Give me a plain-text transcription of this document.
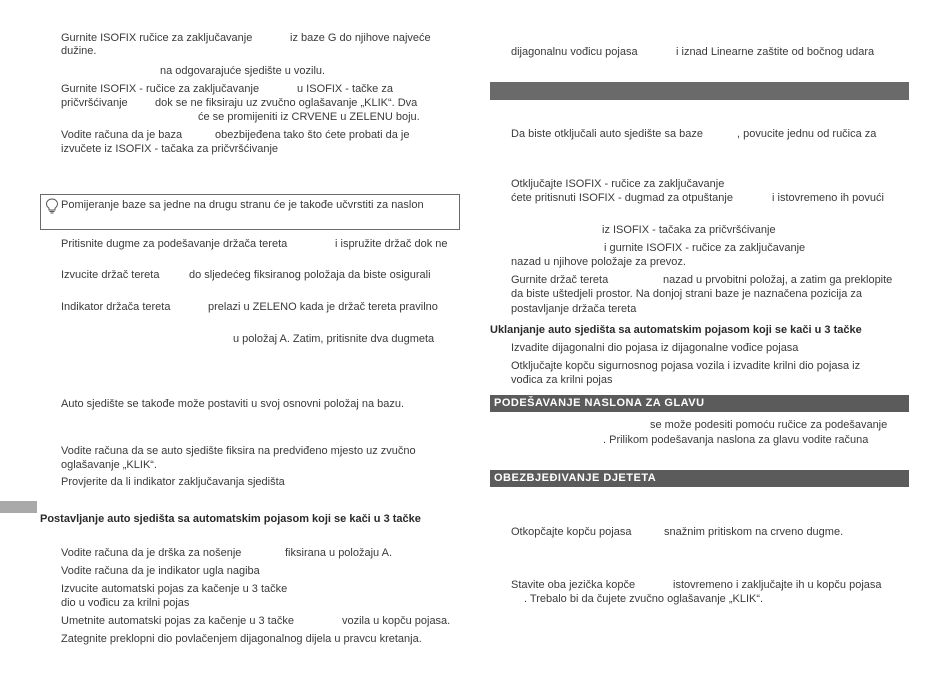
Gurnite ISOFIX ručice za zaključavanje	iz baze G do njihove najveće
dužine.
na odgovarajuće sjedište u vozilu.
Gurnite ISOFIX - ručice za zaključavanje	u ISOFIX - tačke za
pričvršćivanje dok se ne fiksiraju uz zvučno oglašavanje „KLIK“. Dva
će se promijeniti iz CRVENE u ZELENU boju.
Vodite računa da je baza	obezbijeđena tako što ćete probati da je
izvučete iz ISOFIX - tačaka za pričvršćivanje
Pomijeranje baze sa jedne na drugu stranu će je takođe učvrstiti za naslon
Pritisnite dugme za podešavanje držača tereta	i ispružite držač dok ne
Izvucite držač tereta	do sljedećeg fiksiranog položaja da biste osigurali
Indikator držača tereta	prelazi u ZELENO kada je držač tereta pravilno
u položaj A. Zatim, pritisnite dva dugmeta
Auto sjedište se takođe može postaviti u svoj osnovni položaj na bazu.
Vodite računa da se auto sjedište fiksira na predviđeno mjesto uz zvučno
oglašavanje „KLIK“.
Provjerite da li indikator zaključavanja sjedišta
Postavljanje auto sjedišta sa automatskim pojasom koji se kači u 3 tačke
Vodite računa da je drška za nošenje	fiksirana u položaju A.
Vodite računa da je indikator ugla nagiba
Izvucite automatski pojas za kačenje u 3 tačke
dio u vođicu za krilni pojas
Umetnite automatski pojas za kačenje u 3 tačke	vozila u kopču pojasa.
Zategnite preklopni dio povlačenjem dijagonalnog dijela u pravcu kretanja.
dijagonalnu vođicu pojasa	i iznad Linearne zaštite od bočnog udara
Da biste otključali auto sjedište sa baze	, povucite jednu od ručica za
Otključajte ISOFIX - ručice za zaključavanje
ćete pritisnuti ISOFIX - dugmad za otpuštanje	i istovremeno ih povući
iz ISOFIX - tačaka za pričvršćivanje
i gurnite ISOFIX - ručice za zaključavanje
nazad u njihove položaje za prevoz.
Gurnite držač tereta	nazad u prvobitni položaj, a zatim ga preklopite
da biste uštedjeli prostor. Na donjoj strani baze je naznačena pozicija za
postavljanje držača tereta
Uklanjanje auto sjedišta sa automatskim pojasom koji se kači u 3 tačke
Izvadite dijagonalni dio pojasa iz dijagonalne vođice pojasa
Otključajte kopču sigurnosnog pojasa vozila i izvadite krilni dio pojasa iz
vođica za krilni pojas
PODEŠAVANJE NASLONA ZA GLAVU
se može podesiti pomoću ručice za podešavanje
. Prilikom podešavanja naslona za glavu vodite računa
OBEZBJEĐIVANJE DJETETA
Otkopčajte kopču pojasa	snažnim pritiskom na crveno dugme.
Stavite oba jezička kopče	istovremeno i zaključajte ih u kopču pojasa
. Trebalo bi da čujete zvučno oglašavanje „KLIK“.
